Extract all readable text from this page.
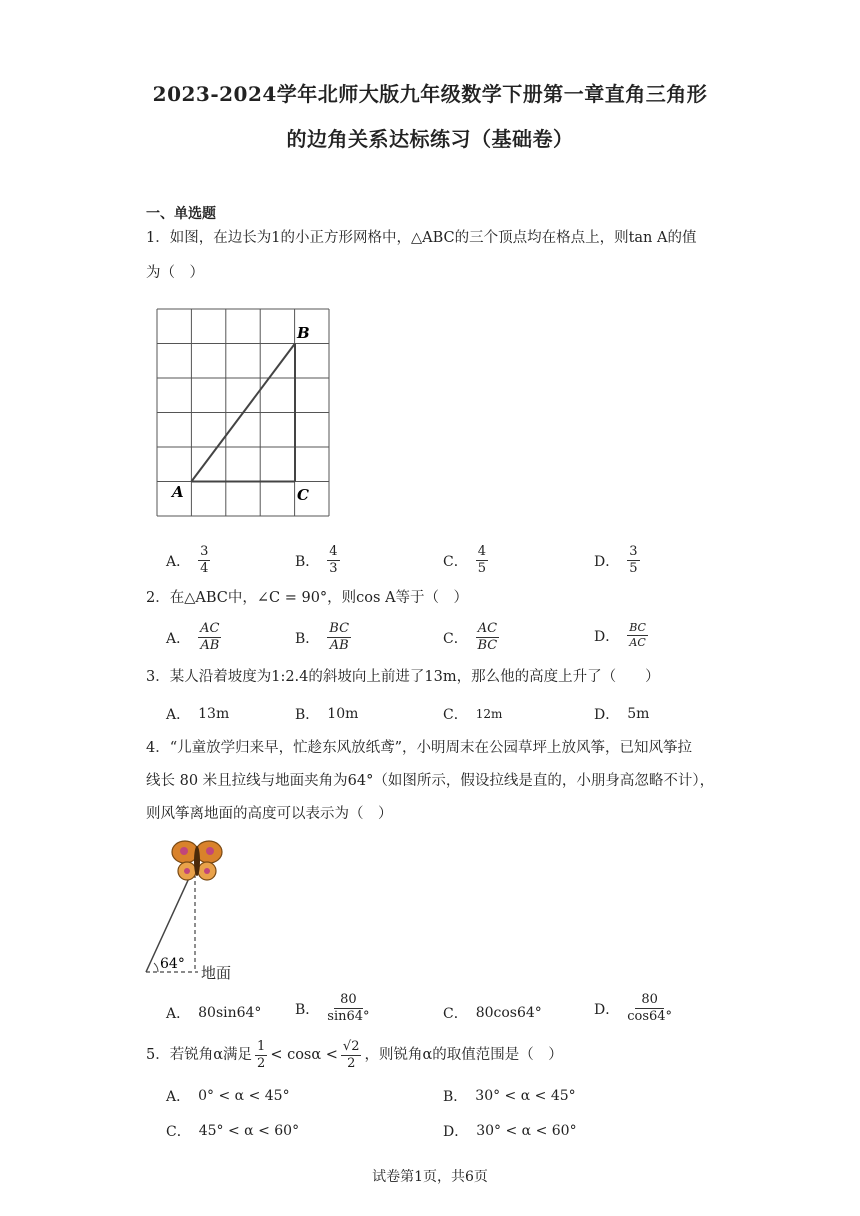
2023-2024学年北师大版九年级数学下册第一章直角三角形
的边角关系达标练习（基础卷）
一、单选题
1．如图，在边长为1的小正方形网格中，△ABC的三个顶点均在格点上，则tan A的值
为（　）
A
B
C
A． $\frac{3}{4}$	B． $\frac{4}{3}$	C． $\frac{4}{5}$	D． $\frac{3}{5}$
2．在△ABC中，∠C = 90°，则cos A等于（　）
A． $\frac{AC}{AB}$	B． $\frac{BC}{AB}$	C． $\frac{AC}{BC}$	D． $\frac{BC}{AC}$
3．某人沿着坡度为1:2.4的斜坡向上前进了13m，那么他的高度上升了（　　）
A． 13m	B． 10m	C． 12m	D． 5m
4．“儿童放学归来早，忙趁东风放纸鸢”，小明周末在公园草坪上放风筝，已知风筝拉
线长 80 米且拉线与地面夹角为64°（如图所示，假设拉线是直的，小朋身高忽略不计），
则风筝离地面的高度可以表示为（　）
64° 地面
A． 80sin64° B． $\frac{80}{\sin 64^\circ}$	C． 80cos64°	D． $\frac{80}{\cos 64^\circ}$
5．若锐角α满足 $\frac{1}{2} < \cos\alpha < \frac{√2}{2}$ ，则锐角α的取值范围是（　）
A． 0° < α < 45°	B． 30° < α < 45°
C． 45° < α < 60°	D． 30° < α < 60°
试卷第1页，共6页
